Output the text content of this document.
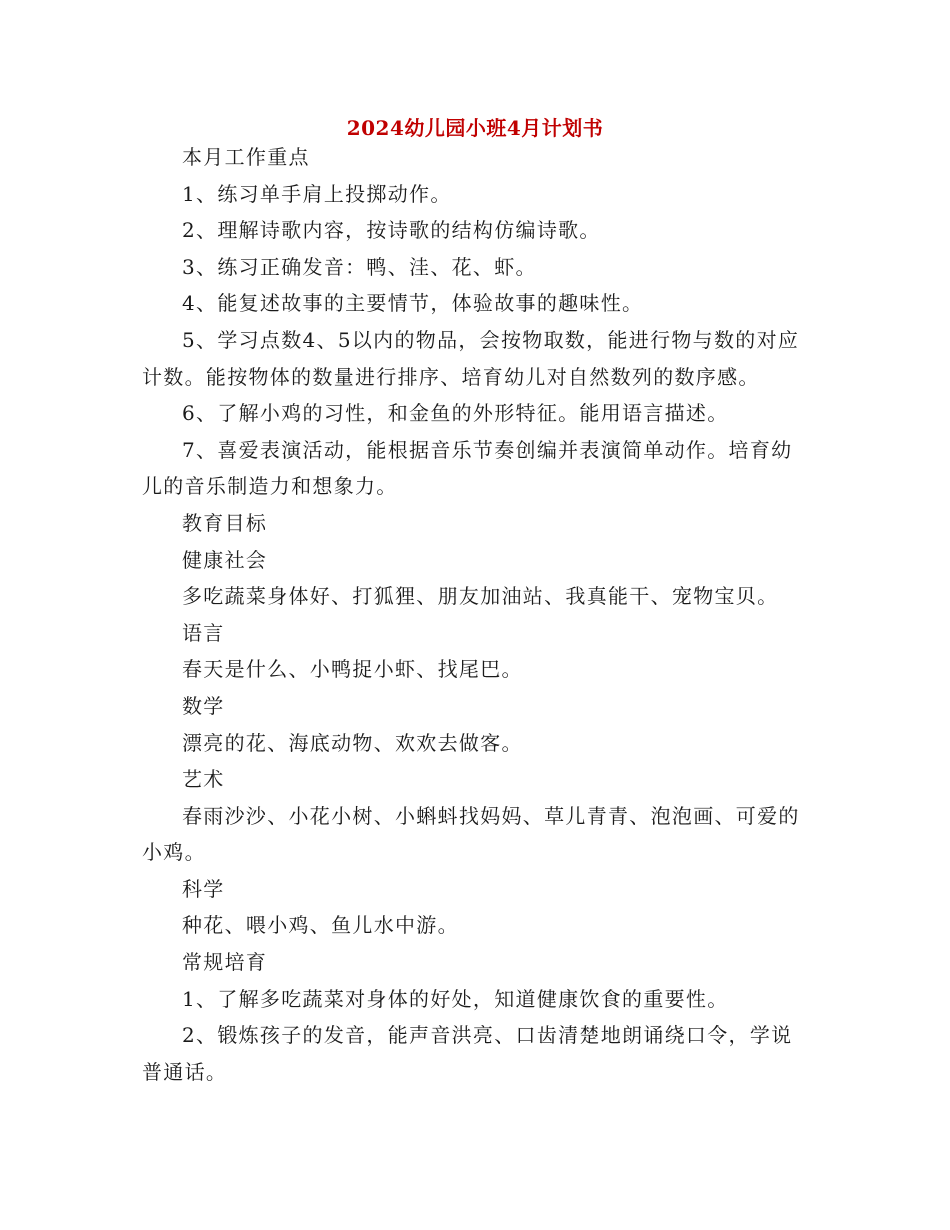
2024幼儿园小班4月计划书

本月工作重点

1、练习单手肩上投掷动作。

2、理解诗歌内容，按诗歌的结构仿编诗歌。

3、练习正确发音：鸭、洼、花、虾。

4、能复述故事的主要情节，体验故事的趣味性。

5、学习点数4、5以内的物品，会按物取数，能进行物与数的对应计数。能按物体的数量进行排序、培育幼儿对自然数列的数序感。

6、了解小鸡的习性，和金鱼的外形特征。能用语言描述。

7、喜爱表演活动，能根据音乐节奏创编并表演简单动作。培育幼儿的音乐制造力和想象力。

教育目标

健康社会

多吃蔬菜身体好、打狐狸、朋友加油站、我真能干、宠物宝贝。

语言

春天是什么、小鸭捉小虾、找尾巴。

数学

漂亮的花、海底动物、欢欢去做客。

艺术

春雨沙沙、小花小树、小蝌蚪找妈妈、草儿青青、泡泡画、可爱的小鸡。

科学

种花、喂小鸡、鱼儿水中游。

常规培育

1、了解多吃蔬菜对身体的好处，知道健康饮食的重要性。

2、锻炼孩子的发音，能声音洪亮、口齿清楚地朗诵绕口令，学说普通话。
